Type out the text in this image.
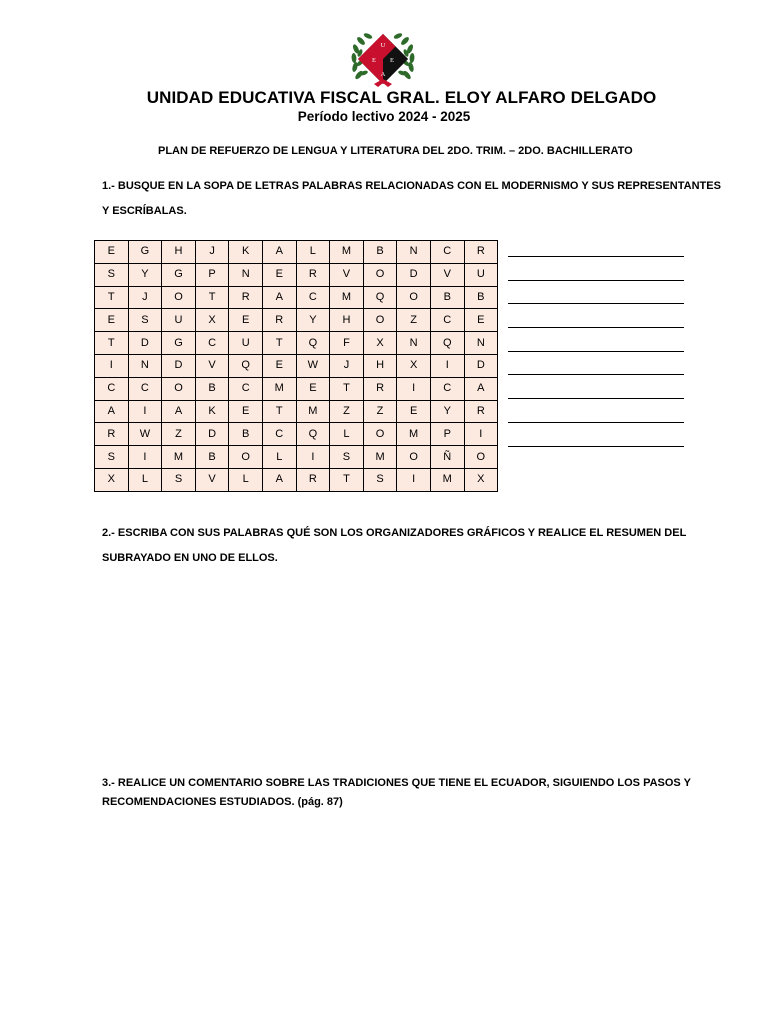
U
E E
A
UNIDAD EDUCATIVA FISCAL GRAL. ELOY ALFARO DELGADO
Período lectivo 2024 - 2025
PLAN DE REFUERZO DE LENGUA Y LITERATURA DEL 2DO. TRIM. – 2DO. BACHILLERATO
1.- BUSQUE EN LA SOPA DE LETRAS PALABRAS RELACIONADAS CON EL MODERNISMO Y SUS REPRESENTANTES Y ESCRÍBALAS.
E	G	H	J	K	A	L	M	B	N	C	R
S	Y	G	P	N	E	R	V	O	D	V	U
T	J	O	T	R	A	C	M	Q	O	B	B
E	S	U	X	E	R	Y	H	O	Z	C	E
T	D	G	C	U	T	Q	F	X	N	Q	N
I	N	D	V	Q	E	W	J	H	X	I	D
C	C	O	B	C	M	E	T	R	I	C	A
A	I	A	K	E	T	M	Z	Z	E	Y	R
R	W	Z	D	B	C	Q	L	O	M	P	I
S	I	M	B	O	L	I	S	M	O	Ñ	O
X	L	S	V	L	A	R	T	S	I	M	X
2.- ESCRIBA CON SUS PALABRAS QUÉ SON LOS ORGANIZADORES GRÁFICOS Y REALICE EL RESUMEN DEL SUBRAYADO EN UNO DE ELLOS.
3.- REALICE UN COMENTARIO SOBRE LAS TRADICIONES QUE TIENE EL ECUADOR, SIGUIENDO LOS PASOS Y RECOMENDACIONES ESTUDIADOS. (pág. 87)
